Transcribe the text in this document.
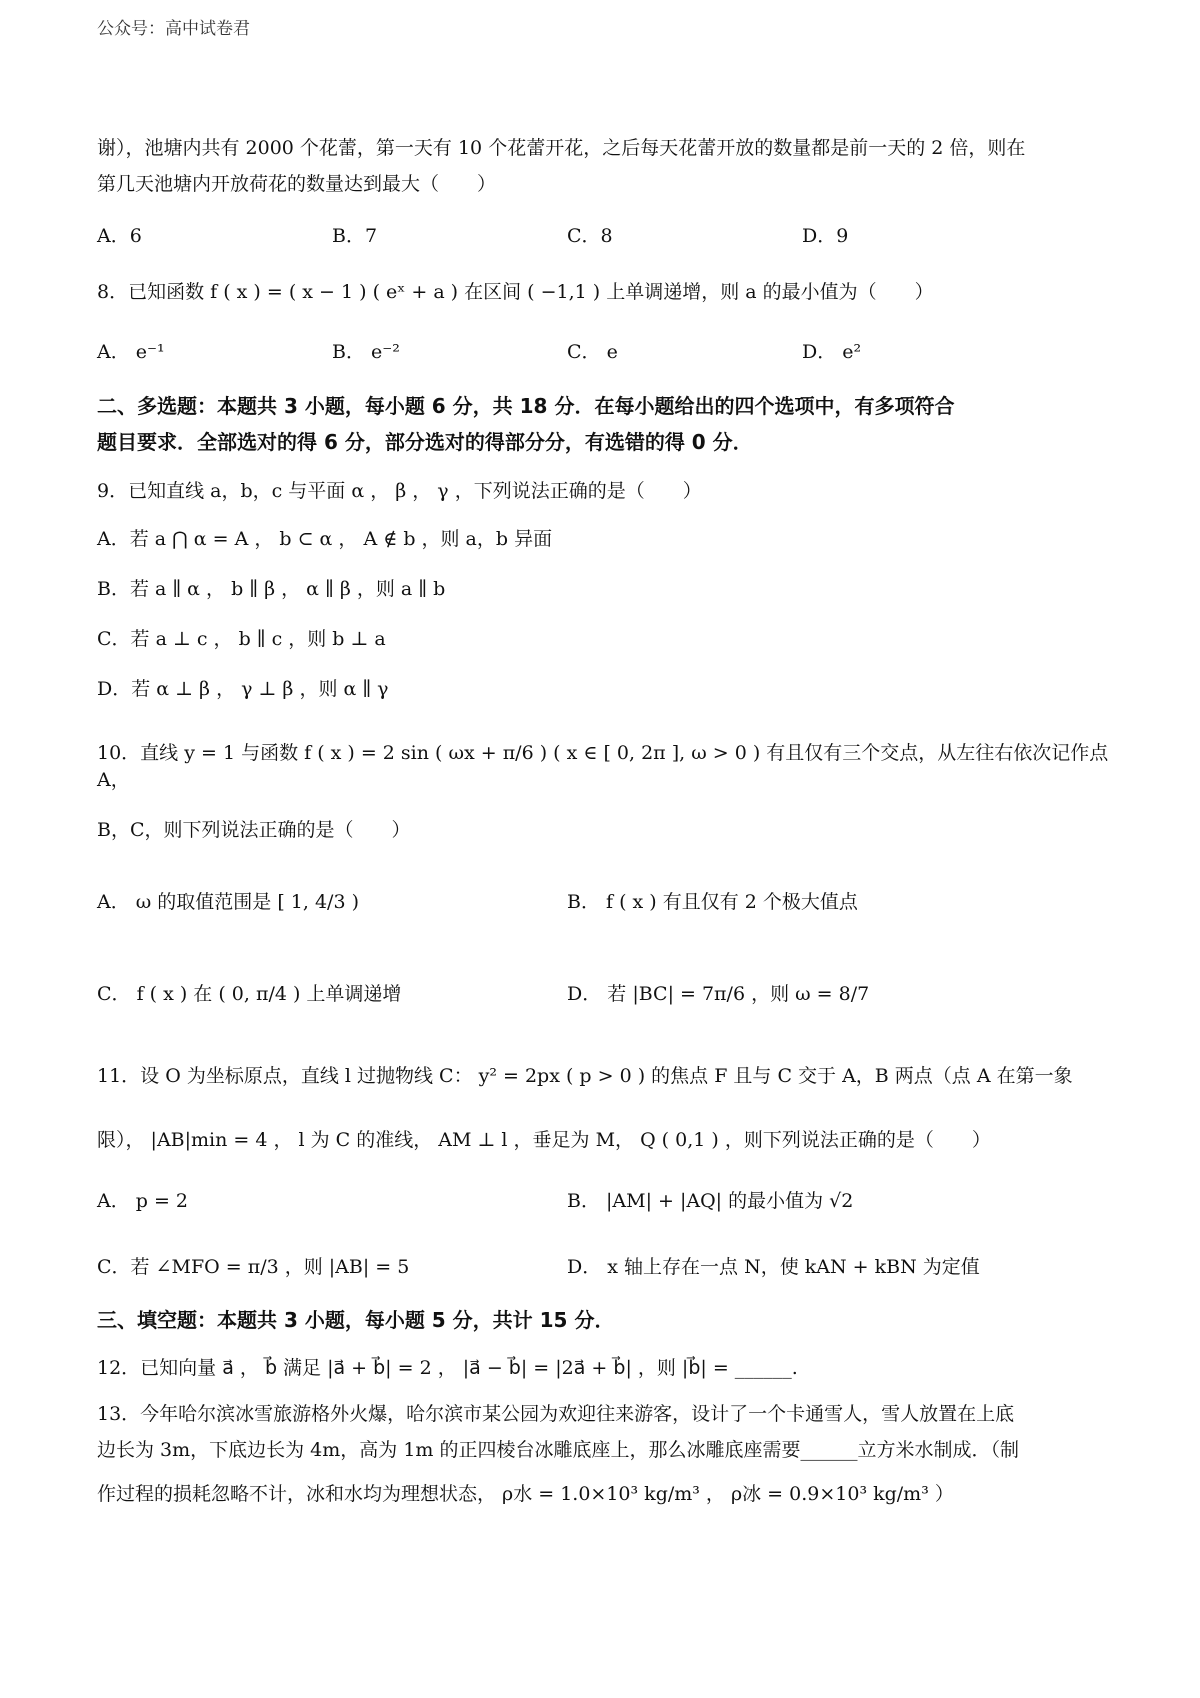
公众号：高中试卷君

谢），池塘内共有 2000 个花蕾，第一天有 10 个花蕾开花，之后每天花蕾开放的数量都是前一天的 2 倍，则在

第几天池塘内开放荷花的数量达到最大（　　）

A．6	B．7	C．8	D．9
8．已知函数 f ( x ) = ( x − 1 ) ( eˣ + a ) 在区间 ( −1,1 ) 上单调递增，则 a 的最小值为（　　）
A． e⁻¹	B． e⁻²	C． e	D． e²
二、多选题：本题共 3 小题，每小题 6 分，共 18 分．在每小题给出的四个选项中，有多项符合
题目要求．全部选对的得 6 分，部分选对的得部分分，有选错的得 0 分．
9．已知直线 a，b，c 与平面 α ， β ， γ ，下列说法正确的是（　　）
A．若 a ⋂ α = A ， b ⊂ α ， A ∉ b ，则 a，b 异面
B．若 a ∥ α ， b ∥ β ， α ∥ β ，则 a ∥ b
C．若 a ⊥ c ， b ∥ c ，则 b ⊥ a
D．若 α ⊥ β ， γ ⊥ β ，则 α ∥ γ
10．直线 y = 1 与函数 f ( x ) = 2 sin ( ωx + π/6 ) ( x ∈ [ 0, 2π ], ω > 0 ) 有且仅有三个交点，从左往右依次记作点 A，
B，C，则下列说法正确的是（　　）
A． ω 的取值范围是 [ 1, 4/3 )	B． f ( x ) 有且仅有 2 个极大值点
C． f ( x ) 在 ( 0, π/4 ) 上单调递增	D． 若 |BC| = 7π/6 ，则 ω = 8/7
11．设 O 为坐标原点，直线 l 过抛物线 C： y² = 2px ( p > 0 ) 的焦点 F 且与 C 交于 A，B 两点（点 A 在第一象
限）， |AB|min = 4 ， l 为 C 的准线， AM ⊥ l ，垂足为 M， Q ( 0,1 ) ，则下列说法正确的是（　　）
A． p = 2	B． |AM| + |AQ| 的最小值为 √2
C．若 ∠MFO = π/3 ，则 |AB| = 5	D． x 轴上存在一点 N，使 kAN + kBN 为定值
三、填空题：本题共 3 小题，每小题 5 分，共计 15 分．
12．已知向量 a⃗ ， b⃗ 满足 |a⃗ + b⃗| = 2 ， |a⃗ − b⃗| = |2a⃗ + b⃗| ，则 |b⃗| = ______.

13．今年哈尔滨冰雪旅游格外火爆，哈尔滨市某公园为欢迎往来游客，设计了一个卡通雪人，雪人放置在上底

边长为 3m，下底边长为 4m，高为 1m 的正四棱台冰雕底座上，那么冰雕底座需要______立方米水制成．（制

作过程的损耗忽略不计，冰和水均为理想状态， ρ水 = 1.0×10³ kg/m³ ， ρ冰 = 0.9×10³ kg/m³ ）
